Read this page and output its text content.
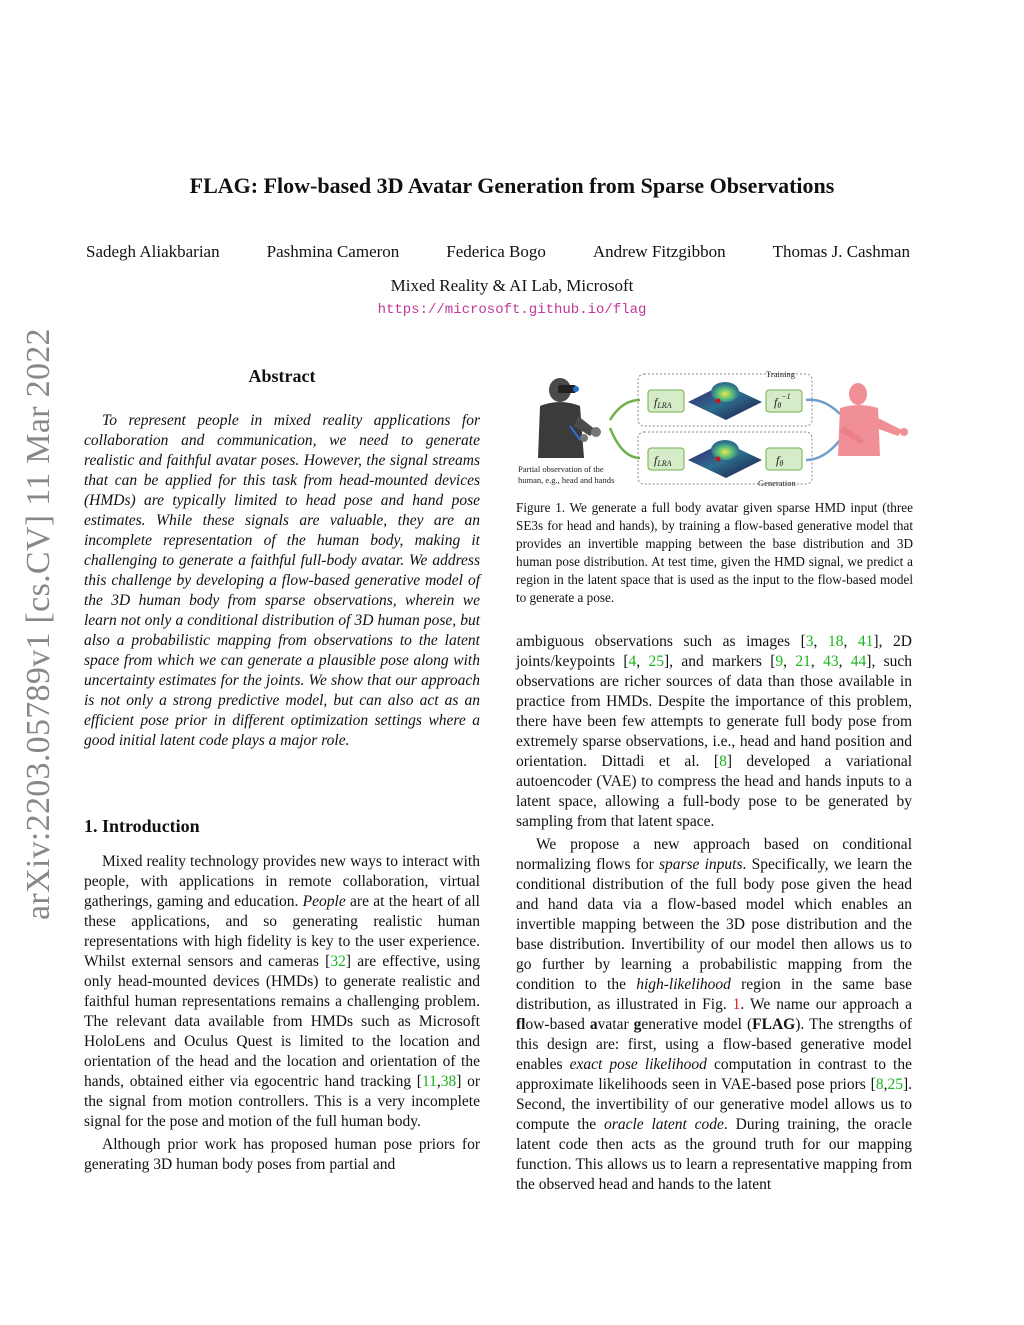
arXiv:2203.05789v1 [cs.CV] 11 Mar 2022
FLAG: Flow-based 3D Avatar Generation from Sparse Observations
Sadegh Aliakbarian	Pashmina Cameron	Federica Bogo	Andrew Fitzgibbon	Thomas J. Cashman
Mixed Reality & AI Lab, Microsoft
https://microsoft.github.io/flag
Abstract

To represent people in mixed reality applications for collaboration and communication, we need to generate realistic and faithful avatar poses. However, the signal streams that can be applied for this task from head-mounted devices (HMDs) are typically limited to head pose and hand pose estimates. While these signals are valuable, they are an incomplete representation of the human body, making it challenging to generate a faithful full-body avatar. We address this challenge by developing a flow-based generative model of the 3D human body from sparse observations, wherein we learn not only a conditional distribution of 3D human pose, but also a probabilistic mapping from observations to the latent space from which we can generate a plausible pose along with uncertainty estimates for the joints. We show that our approach is not only a strong predictive model, but can also act as an efficient pose prior in different optimization settings where a good initial latent code plays a major role.

1. Introduction

Mixed reality technology provides new ways to interact with people, with applications in remote collaboration, virtual gatherings, gaming and education. People are at the heart of all these applications, and so generating realistic human representations with high fidelity is key to the user experience. Whilst external sensors and cameras [32] are effective, using only head-mounted devices (HMDs) to generate realistic and faithful human representations remains a challenging problem. The relevant data available from HMDs such as Microsoft HoloLens and Oculus Quest is limited to the location and orientation of the head and the location and orientation of the hands, obtained either via egocentric hand tracking [11,38] or the signal from motion controllers. This is a very incomplete signal for the pose and motion of the full human body.

Although prior work has proposed human pose priors for generating 3D human body poses from partial and

Partial observation of the
human, e.g., head and hands
Training
Generation
fLRA
fLRA
$f\theta^{-1}$
fθ
Figure 1. We generate a full body avatar given sparse HMD input (three SE3s for head and hands), by training a flow-based generative model that provides an invertible mapping between the base distribution and 3D human pose distribution. At test time, given the HMD signal, we predict a region in the latent space that is used as the input to the flow-based model to generate a pose.

ambiguous observations such as images [3, 18, 41], 2D joints/keypoints [4, 25], and markers [9, 21, 43, 44], such observations are richer sources of data than those available in practice from HMDs. Despite the importance of this problem, there have been few attempts to generate full body pose from extremely sparse observations, i.e., head and hand position and orientation. Dittadi et al. [8] developed a variational autoencoder (VAE) to compress the head and hands inputs to a latent space, allowing a full-body pose to be generated by sampling from that latent space.

We propose a new approach based on conditional normalizing flows for sparse inputs. Specifically, we learn the conditional distribution of the full body pose given the head and hand data via a flow-based model which enables an invertible mapping between the 3D pose distribution and the base distribution. Invertibility of our model then allows us to go further by learning a probabilistic mapping from the condition to the high-likelihood region in the same base distribution, as illustrated in Fig. 1. We name our approach a flow-based avatar generative model (FLAG). The strengths of this design are: first, using a flow-based generative model enables exact pose likelihood computation in contrast to the approximate likelihoods seen in VAE-based pose priors [8,25]. Second, the invertibility of our generative model allows us to compute the oracle latent code. During training, the oracle latent code then acts as the ground truth for our mapping function. This allows us to learn a representative mapping from the observed head and hands to the latent
